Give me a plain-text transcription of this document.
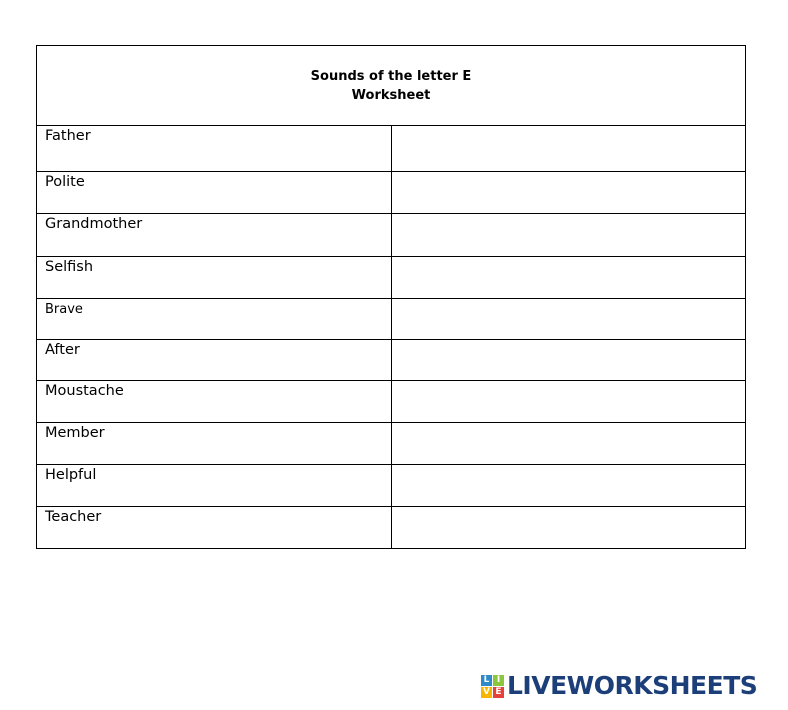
Sounds of the letter E
Worksheet	

Father	
Polite	
Grandmother	
Selfish	
Brave	
After	
Moustache	
Member	
Helpful	
Teacher	
L I
V E LIVEWORKSHEETS
